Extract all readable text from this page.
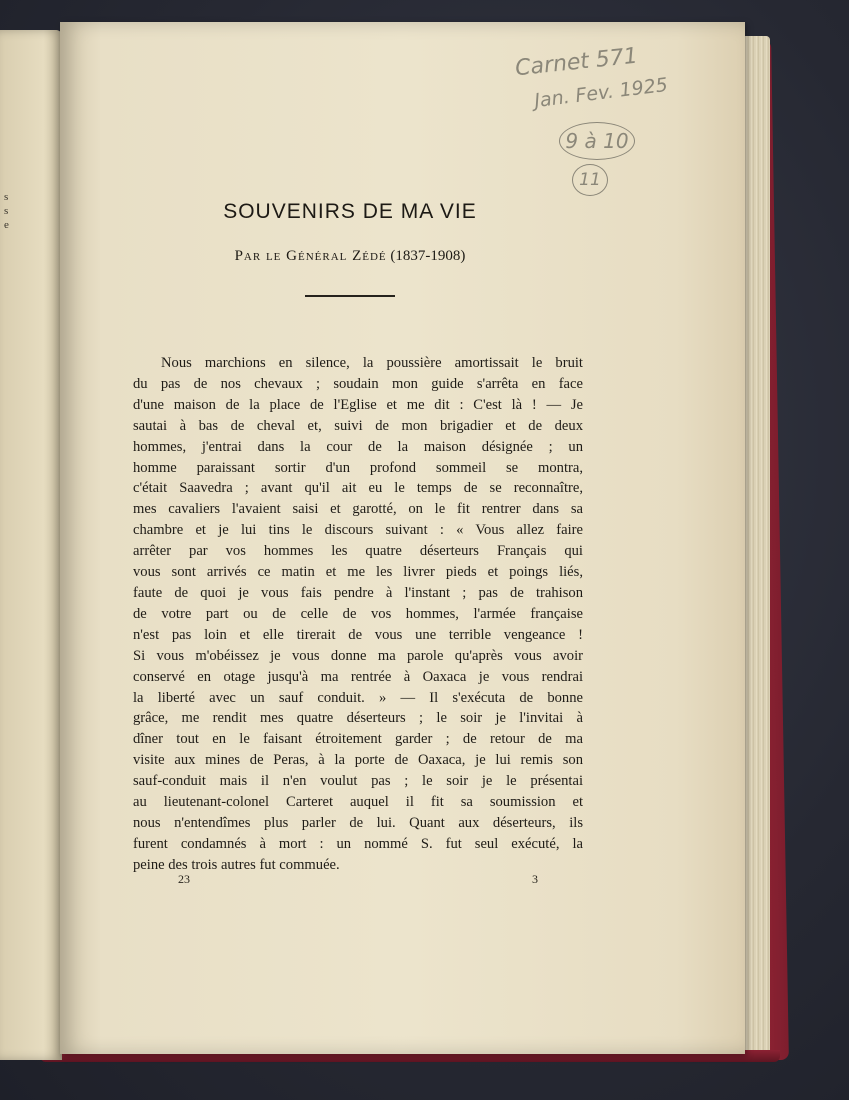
s
s
e
Carnet 571
Jan. Fev. 1925
9 à 10
11
SOUVENIRS DE MA VIE
Par le Général Zédé (1837-1908)
Nous marchions en silence, la poussière amortissait le bruit
du pas de nos chevaux ; soudain mon guide s'arrêta en face
d'une maison de la place de l'Eglise et me dit : C'est là ! — Je
sautai à bas de cheval et, suivi de mon brigadier et de deux
hommes, j'entrai dans la cour de la maison désignée ; un
homme paraissant sortir d'un profond sommeil se montra,
c'était Saavedra ; avant qu'il ait eu le temps de se reconnaître,
mes cavaliers l'avaient saisi et garotté, on le fit rentrer dans sa
chambre et je lui tins le discours suivant : « Vous allez faire
arrêter par vos hommes les quatre déserteurs Français qui
vous sont arrivés ce matin et me les livrer pieds et poings liés,
faute de quoi je vous fais pendre à l'instant ; pas de trahison
de votre part ou de celle de vos hommes, l'armée française
n'est pas loin et elle tirerait de vous une terrible vengeance !
Si vous m'obéissez je vous donne ma parole qu'après vous avoir
conservé en otage jusqu'à ma rentrée à Oaxaca je vous rendrai
la liberté avec un sauf conduit. » — Il s'exécuta de bonne
grâce, me rendit mes quatre déserteurs ; le soir je l'invitai à
dîner tout en le faisant étroitement garder ; de retour de ma
visite aux mines de Peras, à la porte de Oaxaca, je lui remis son
sauf-conduit mais il n'en voulut pas ; le soir je le présentai
au lieutenant-colonel Carteret auquel il fit sa soumission et
nous n'entendîmes plus parler de lui. Quant aux déserteurs, ils
furent condamnés à mort : un nommé S. fut seul exécuté, la
peine des trois autres fut commuée.
23	3
